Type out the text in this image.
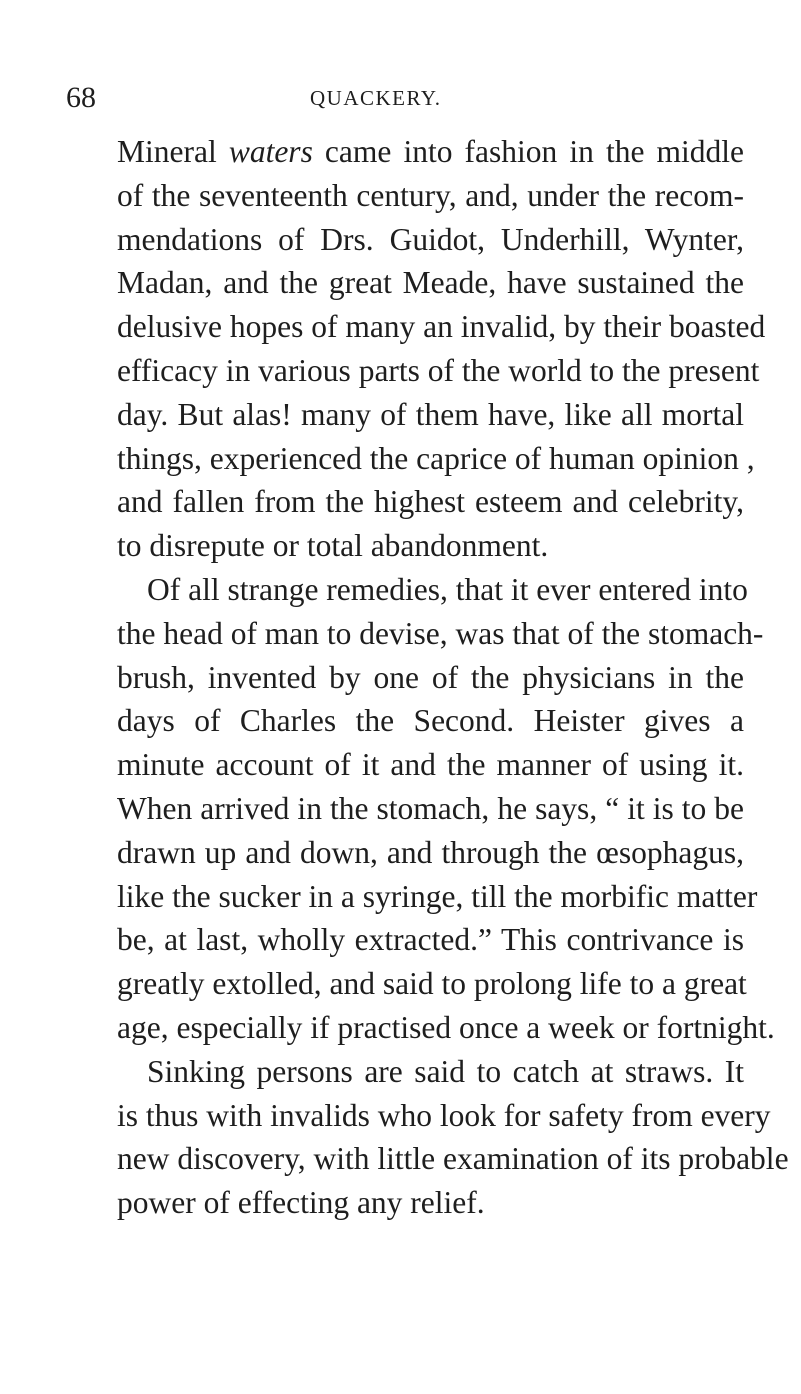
68	QUACKERY.
Mineral waters came into fashion in the middle
of the seventeenth century, and, under the recom-
mendations of Drs. Guidot, Underhill, Wynter,
Madan, and the great Meade, have sustained the
delusive hopes of many an invalid, by their boasted
efficacy in various parts of the world to the present
day. But alas! many of them have, like all mortal
things, experienced the caprice of human opinion ,
and fallen from the highest esteem and celebrity,
to disrepute or total abandonment.
Of all strange remedies, that it ever entered into
the head of man to devise, was that of the stomach-
brush, invented by one of the physicians in the
days of Charles the Second. Heister gives a
minute account of it and the manner of using it.
When arrived in the stomach, he says, “ it is to be
drawn up and down, and through the œsophagus,
like the sucker in a syringe, till the morbific matter
be, at last, wholly extracted.” This contrivance is
greatly extolled, and said to prolong life to a great
age, especially if practised once a week or fortnight.
Sinking persons are said to catch at straws. It
is thus with invalids who look for safety from every
new discovery, with little examination of its probable
power of effecting any relief.
